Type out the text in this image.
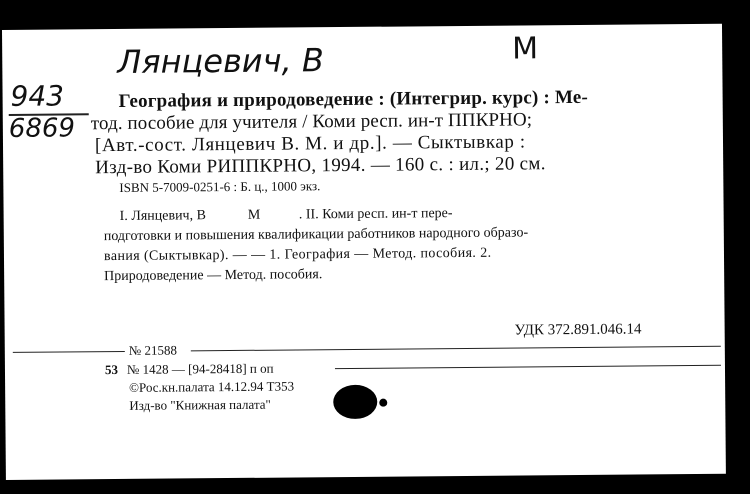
Лянцевич, В	М
943
6869
География и природоведение : (Интегрир. курс) : Ме-
тод. пособие для учителя / Коми респ. ин-т ППКРНО;
[Авт.-сост. Лянцевич В. М. и др.]. — Сыктывкар :
Изд-во Коми РИППКРНО, 1994. — 160 с. : ил.; 20 см.
ISBN 5-7009-0251-6 : Б. ц., 1000 экз.
I. Лянцевич, В            М           . II. Коми респ. ин-т пере-
подготовки и повышения квалификации работников народного образо-
вания (Сыктывкар). — — 1. География — Метод. пособия. 2.
Природоведение — Метод. пособия.
УДК 372.891.046.14
№ 21588
53 № 1428 — [94-28418] п оп
©Рос.кн.палата 14.12.94 Т353
Изд-во "Книжная палата"
